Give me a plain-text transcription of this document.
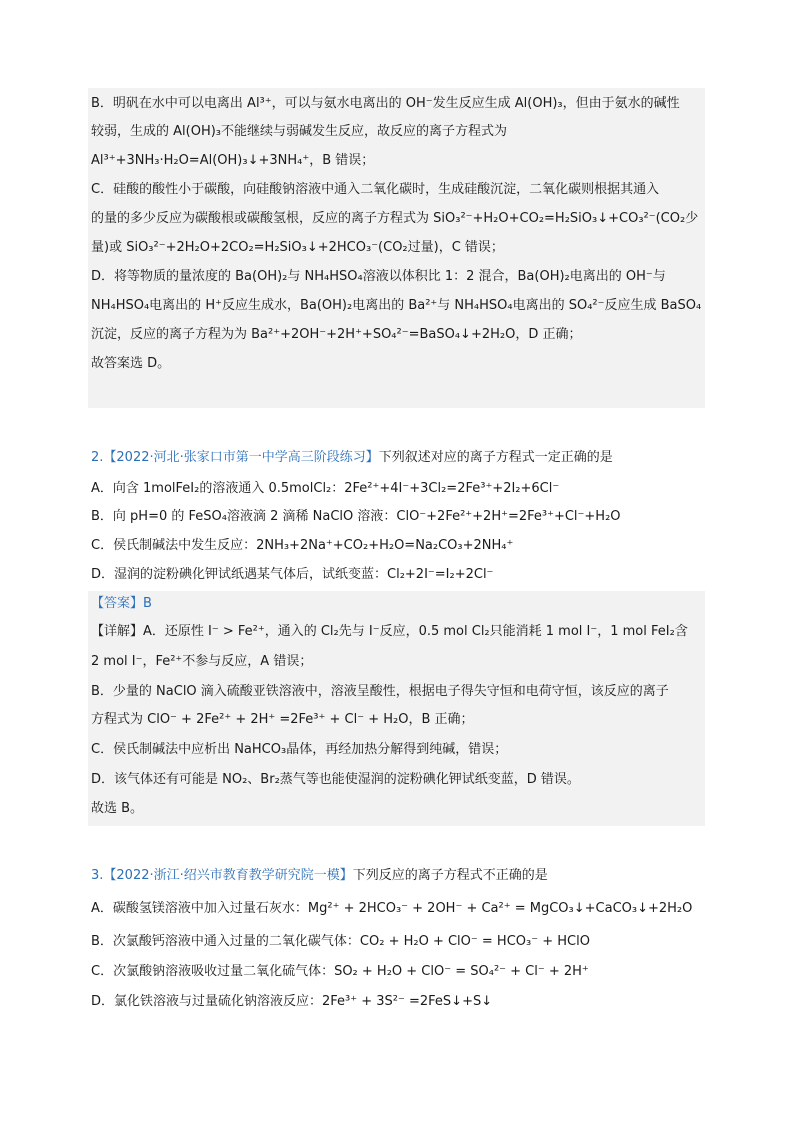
B．明矾在水中可以电离出 Al³⁺，可以与氨水电离出的 OH⁻发生反应生成 Al(OH)₃，但由于氨水的碱性
较弱，生成的 Al(OH)₃不能继续与弱碱发生反应，故反应的离子方程式为
Al³⁺+3NH₃·H₂O=Al(OH)₃↓+3NH₄⁺，B 错误；
C．硅酸的酸性小于碳酸，向硅酸钠溶液中通入二氧化碳时，生成硅酸沉淀，二氧化碳则根据其通入
的量的多少反应为碳酸根或碳酸氢根，反应的离子方程式为 SiO₃²⁻+H₂O+CO₂=H₂SiO₃↓+CO₃²⁻(CO₂少
量)或 SiO₃²⁻+2H₂O+2CO₂=H₂SiO₃↓+2HCO₃⁻(CO₂过量)，C 错误；
D．将等物质的量浓度的 Ba(OH)₂与 NH₄HSO₄溶液以体积比 1：2 混合，Ba(OH)₂电离出的 OH⁻与
NH₄HSO₄电离出的 H⁺反应生成水，Ba(OH)₂电离出的 Ba²⁺与 NH₄HSO₄电离出的 SO₄²⁻反应生成 BaSO₄
沉淀，反应的离子方程为为 Ba²⁺+2OH⁻+2H⁺+SO₄²⁻=BaSO₄↓+2H₂O，D 正确；
故答案选 D。
2.【2022·河北·张家口市第一中学高三阶段练习】下列叙述对应的离子方程式一定正确的是
A．向含 1molFeI₂的溶液通入 0.5molCl₂：2Fe²⁺+4I⁻+3Cl₂=2Fe³⁺+2I₂+6Cl⁻
B．向 pH=0 的 FeSO₄溶液滴 2 滴稀 NaClO 溶液：ClO⁻+2Fe²⁺+2H⁺=2Fe³⁺+Cl⁻+H₂O
C．侯氏制碱法中发生反应：2NH₃+2Na⁺+CO₂+H₂O=Na₂CO₃+2NH₄⁺
D．湿润的淀粉碘化钾试纸遇某气体后，试纸变蓝：Cl₂+2I⁻=I₂+2Cl⁻
【答案】B
【详解】A．还原性 I⁻ > Fe²⁺，通入的 Cl₂先与 I⁻反应，0.5 mol Cl₂只能消耗 1 mol I⁻，1 mol FeI₂含
2 mol I⁻，Fe²⁺不参与反应，A 错误；
B．少量的 NaClO 滴入硫酸亚铁溶液中，溶液呈酸性，根据电子得失守恒和电荷守恒，该反应的离子
方程式为 ClO⁻ + 2Fe²⁺ + 2H⁺ =2Fe³⁺ + Cl⁻ + H₂O，B 正确；
C．侯氏制碱法中应析出 NaHCO₃晶体，再经加热分解得到纯碱，错误；
D．该气体还有可能是 NO₂、Br₂蒸气等也能使湿润的淀粉碘化钾试纸变蓝，D 错误。
故选 B。
3.【2022·浙江·绍兴市教育教学研究院一模】下列反应的离子方程式不正确的是
A．碳酸氢镁溶液中加入过量石灰水：Mg²⁺ + 2HCO₃⁻ + 2OH⁻ + Ca²⁺ = MgCO₃↓+CaCO₃↓+2H₂O
B．次氯酸钙溶液中通入过量的二氧化碳气体：CO₂ + H₂O + ClO⁻ = HCO₃⁻ + HClO
C．次氯酸钠溶液吸收过量二氧化硫气体：SO₂ + H₂O + ClO⁻ = SO₄²⁻ + Cl⁻ + 2H⁺
D．氯化铁溶液与过量硫化钠溶液反应：2Fe³⁺ + 3S²⁻ =2FeS↓+S↓
